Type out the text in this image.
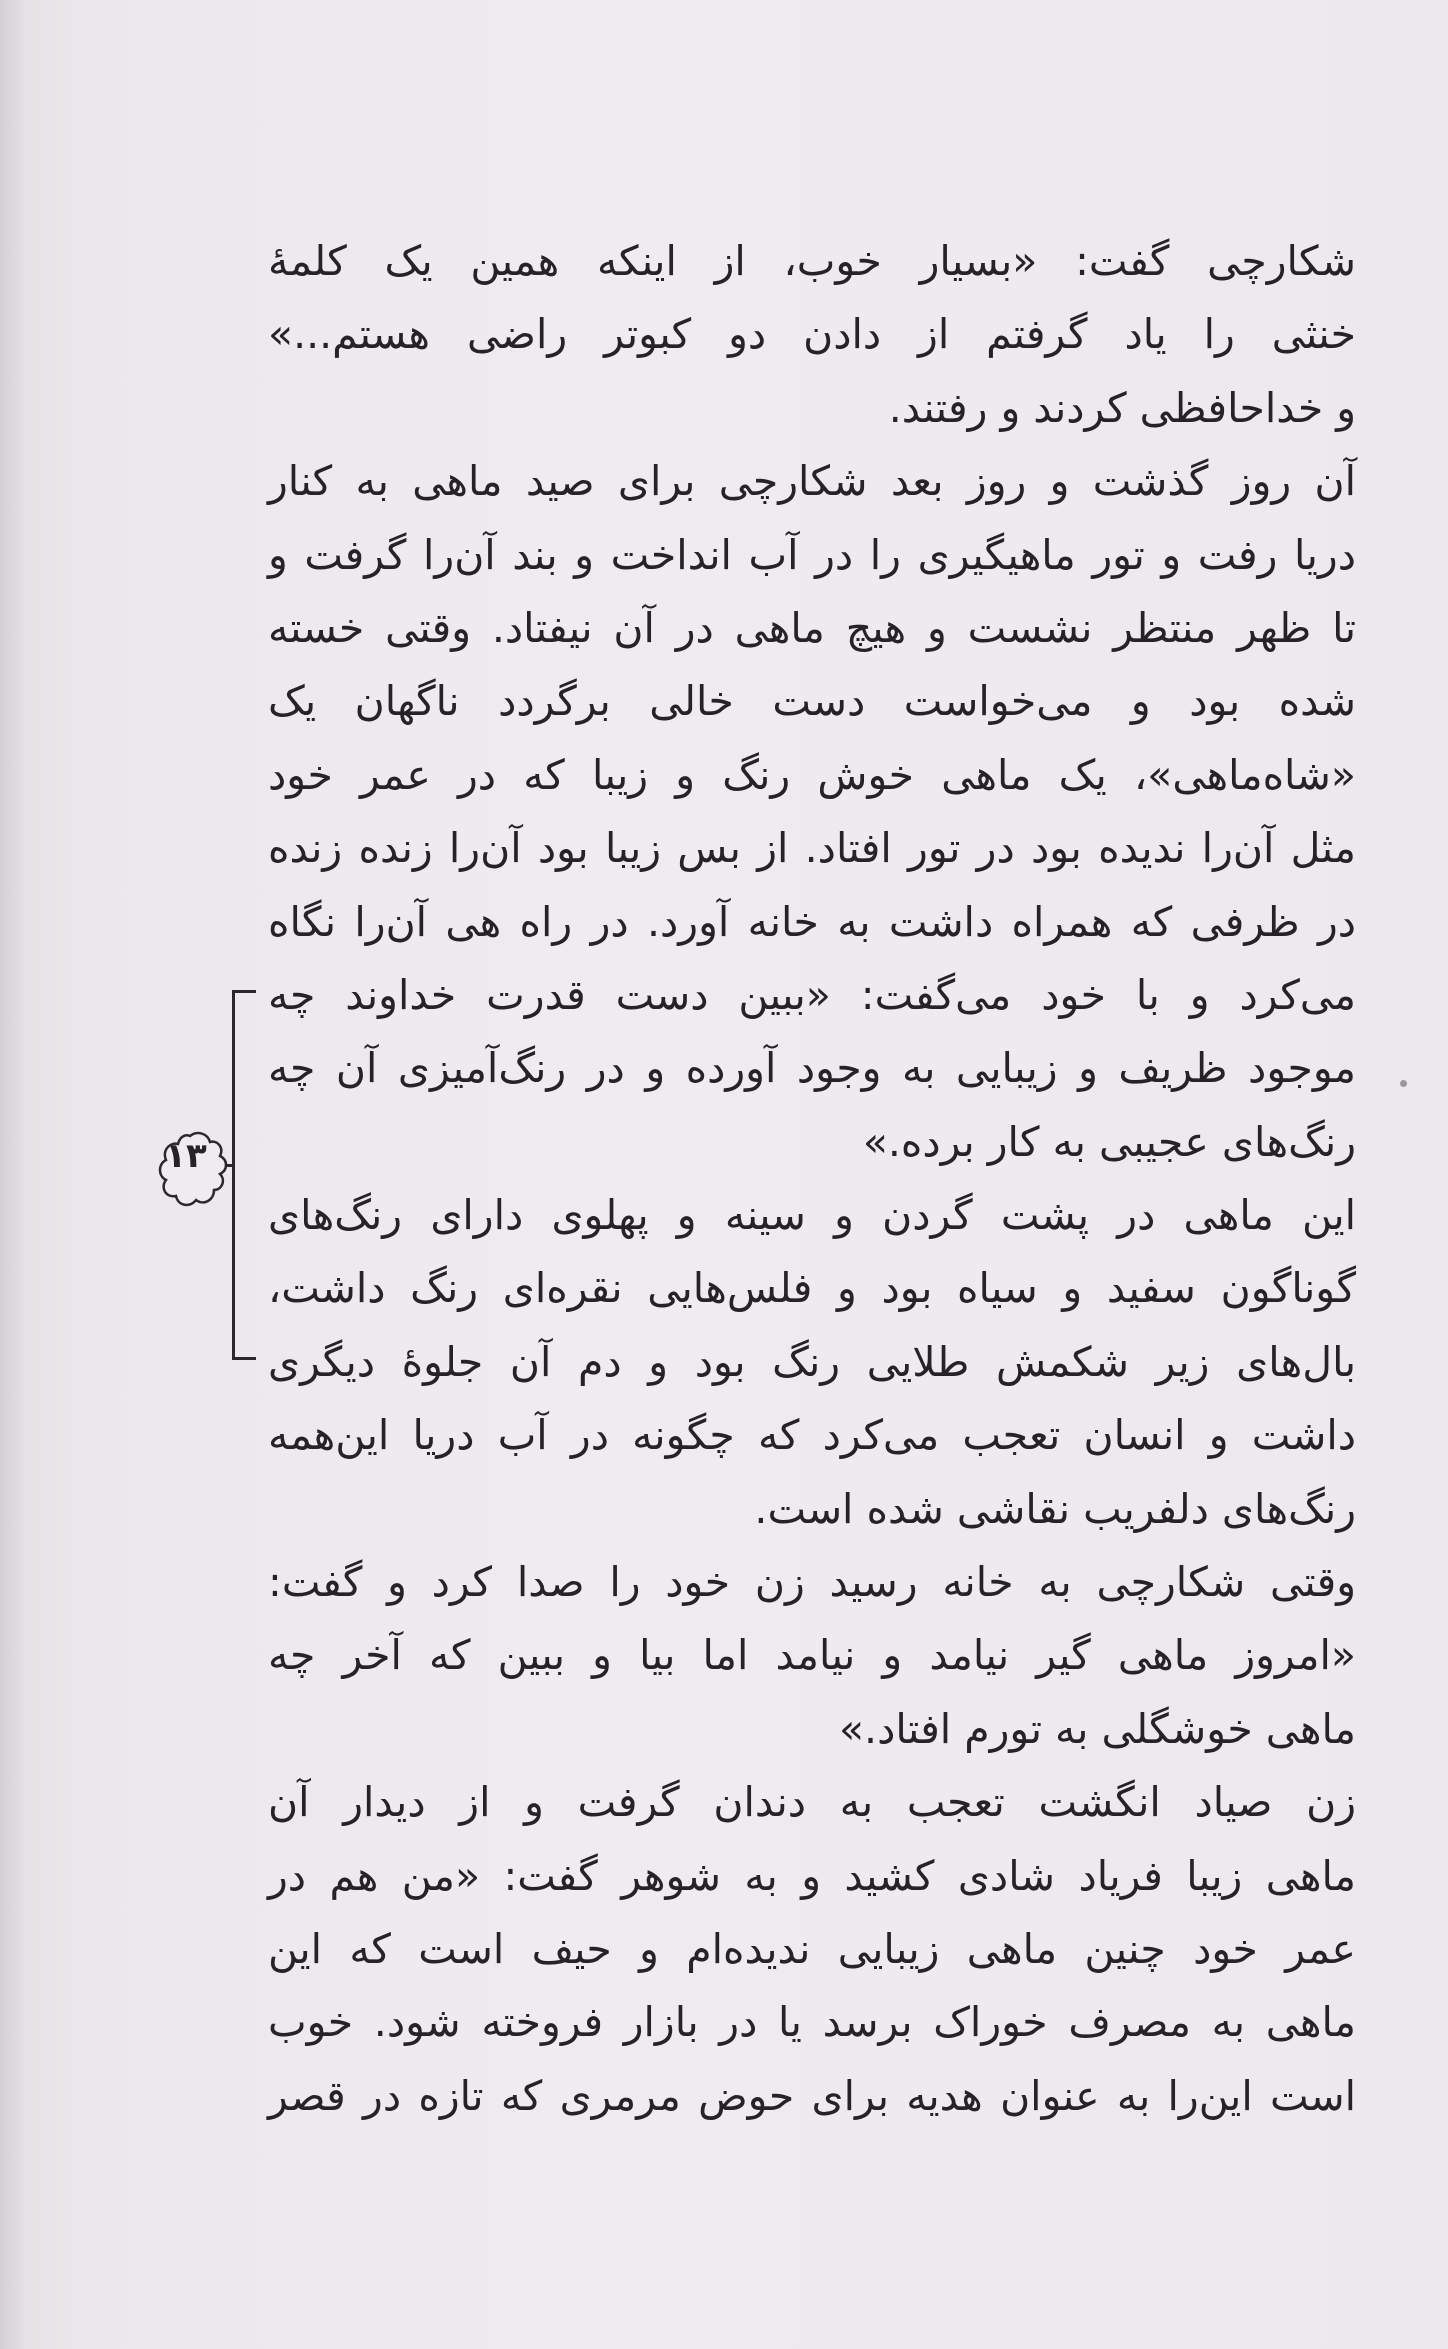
شکارچی گفت: «بسیار خوب، از اینکه همین یک کلمهٔ
خنثی را یاد گرفتم از دادن دو کبوتر راضی هستم...»
و خداحافظی کردند و رفتند.
آن روز گذشت و روز بعد شکارچی برای صید ماهی به کنار
دریا رفت و تور ماهیگیری را در آب انداخت و بند آن‌را گرفت و
تا ظهر منتظر نشست و هیچ ماهی در آن نیفتاد. وقتی خسته
شده بود و می‌خواست دست خالی برگردد ناگهان یک
«شاه‌ماهی»، یک ماهی خوش رنگ و زیبا که در عمر خود
مثل آن‌را ندیده بود در تور افتاد. از بس زیبا بود آن‌را زنده زنده
در ظرفی که همراه داشت به خانه آورد. در راه هی آن‌را نگاه
می‌کرد و با خود می‌گفت: «ببین دست قدرت خداوند چه
موجود ظریف و زیبایی به وجود آورده و در رنگ‌آمیزی آن چه
رنگ‌های عجیبی به کار برده.»
این ماهی در پشت گردن و سینه و پهلوی دارای رنگ‌های
گوناگون سفید و سیاه بود و فلس‌هایی نقره‌ای رنگ داشت،
بال‌های زیر شکمش طلایی رنگ بود و دم آن جلوهٔ دیگری
داشت و انسان تعجب می‌کرد که چگونه در آب دریا این‌همه
رنگ‌های دلفریب نقاشی شده است.
وقتی شکارچی به خانه رسید زن خود را صدا کرد و گفت:
«امروز ماهی گیر نیامد و نیامد اما بیا و ببین که آخر چه
ماهی خوشگلی به تورم افتاد.»
زن صیاد انگشت تعجب به دندان گرفت و از دیدار آن
ماهی زیبا فریاد شادی کشید و به شوهر گفت: «من هم در
عمر خود چنین ماهی زیبایی ندیده‌ام و حیف است که این
ماهی به مصرف خوراک برسد یا در بازار فروخته شود. خوب
است این‌را به عنوان هدیه برای حوض مرمری که تازه در قصر
۱۳
